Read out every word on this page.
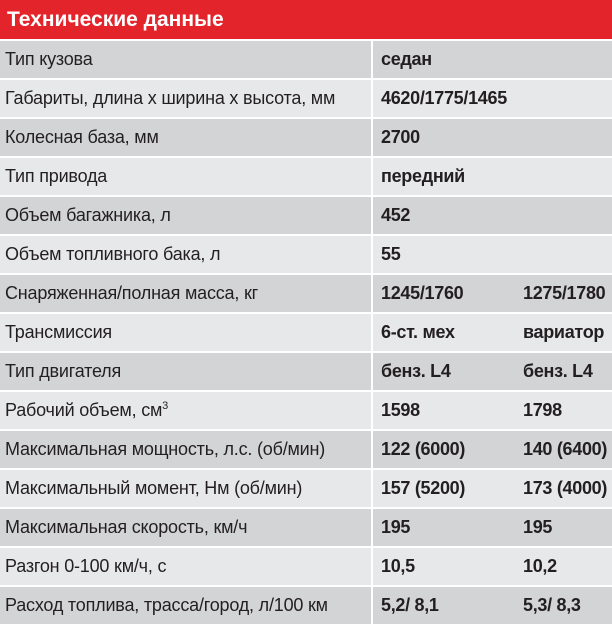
Технические данные
Тип кузова	седан
Габариты, длина х ширина х высота, мм	4620/1775/1465
Колесная база, мм	2700
Тип привода	передний
Объем багажника, л	452
Объем топливного бака, л	55
Снаряженная/полная масса, кг	1245/1760	1275/1780
Трансмиссия	6-ст. мех	вариатор
Тип двигателя	бенз. L4	бенз. L4
Рабочий объем, $см^3$	1598	1798
Максимальная мощность, л.с. (об/мин)	122 (6000)	140 (6400)
Максимальный момент, Нм (об/мин)	157 (5200)	173 (4000)
Максимальная скорость, км/ч	195	195
Разгон 0-100 км/ч, с	10,5	10,2
Расход топлива, трасса/город, л/100 км	5,2/ 8,1	5,3/ 8,3
